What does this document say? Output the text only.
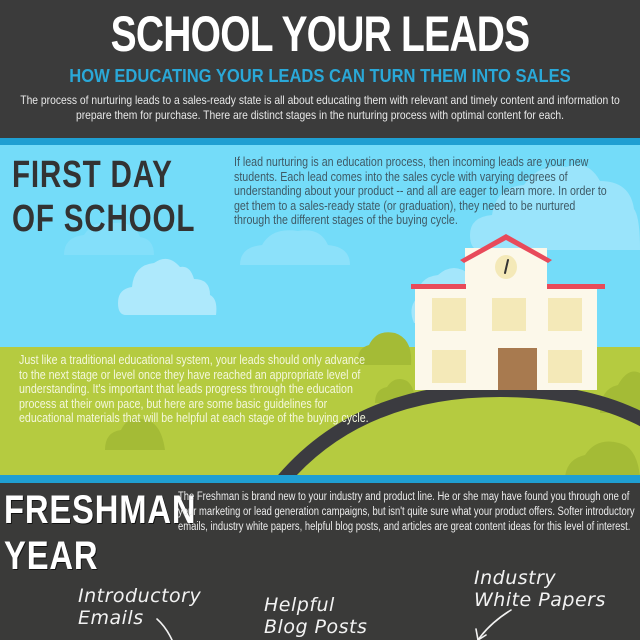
SCHOOL YOUR LEADS
HOW EDUCATING YOUR LEADS CAN TURN THEM INTO SALES
The process of nurturing leads to a sales-ready state is all about educating them with relevant and timely content and information to prepare them for purchase. There are distinct stages in the nurturing process with optimal content for each.
FIRST DAY
OF SCHOOL
If lead nurturing is an education process, then incoming leads are your new students. Each lead comes into the sales cycle with varying degrees of understanding about your product -- and all are eager to learn more. In order to get them to a sales-ready state (or graduation), they need to be nurtured through the different stages of the buying cycle.
Just like a traditional educational system, your leads should only advance to the next stage or level once they have reached an appropriate level of understanding. It's important that leads progress through the education process at their own pace, but here are some basic guidelines for educational materials that will be helpful at each stage of the buying cycle.
FRESHMAN
YEAR
The Freshman is brand new to your industry and product line. He or she may have found you through one of your marketing or lead generation campaigns, but isn't quite sure what your product offers. Softer introductory emails, industry white papers, helpful blog posts, and articles are great content ideas for this level of interest.
Introductory
Emails
Helpful
Blog Posts
Industry
White Papers
